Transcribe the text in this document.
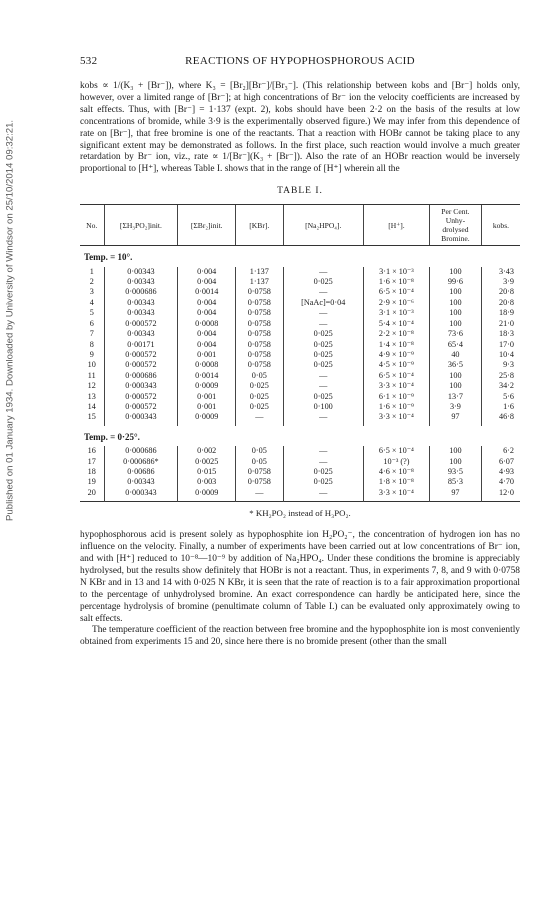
Published on 01 January 1934. Downloaded by University of Windsor on 25/10/2014 09:32:21.
532	REACTIONS OF HYPOPHOSPHOROUS ACID

kobs ∝ 1/(K₃ + [Br⁻]), where K₃ = [Br₂][Br⁻]/[Br₃⁻]. (This relationship between kobs and [Br⁻] holds only, however, over a limited range of [Br⁻]; at high concentrations of Br⁻ ion the velocity coefficients are increased by salt effects. Thus, with [Br⁻] = 1·137 (expt. 2), kobs should have been 2·2 on the basis of the results at low concentrations of bromide, while 3·9 is the experimentally observed figure.) We may infer from this dependence of rate on [Br⁻], that free bromine is one of the reactants. That a reaction with HOBr cannot be taking place to any significant extent may be demonstrated as follows. In the first place, such reaction would involve a much greater retardation by Br⁻ ion, viz., rate ∝ 1/[Br⁻](K₃ + [Br⁻]). Also the rate of an HOBr reaction would be inversely proportional to [H⁺], whereas Table I. shows that in the range of [H⁺] wherein all the

TABLE I.
No.	[ΣH₃PO₂]init.	[ΣBr₂]init.	[KBr].	[Na₂HPO₄].	[H⁺].	Per Cent. Unhy- drolysed Bromine.	kobs.
Temp. = 10°.							
1	0·00343	0·004	1·137	—	3·1 × 10⁻³	100	3·43
2	0·00343	0·004	1·137	0·025	1·6 × 10⁻⁸	99·6	3·9
3	0·000686	0·0014	0·0758	—	6·5 × 10⁻⁴	100	20·8
4	0·00343	0·004	0·0758	[NaAc]=0·04	2·9 × 10⁻⁶	100	20·8
5	0·00343	0·004	0·0758	—	3·1 × 10⁻³	100	18·9
6	0·000572	0·0008	0·0758	—	5·4 × 10⁻⁴	100	21·0
7	0·00343	0·004	0·0758	0·025	2·2 × 10⁻⁸	73·6	18·3
8	0·00171	0·004	0·0758	0·025	1·4 × 10⁻⁸	65·4	17·0
9	0·000572	0·001	0·0758	0·025	4·9 × 10⁻⁹	40	10·4
10	0·000572	0·0008	0·0758	0·025	4·5 × 10⁻⁹	36·5	9·3
11	0·000686	0·0014	0·05	—	6·5 × 10⁻⁴	100	25·8
12	0·000343	0·0009	0·025	—	3·3 × 10⁻⁴	100	34·2
13	0·000572	0·001	0·025	0·025	6·1 × 10⁻⁹	13·7	5·6
14	0·000572	0·001	0·025	0·100	1·6 × 10⁻⁹	3·9	1·6
15	0·000343	0·0009	—	—	3·3 × 10⁻⁴	97	46·8
Temp. = 0·25°.							
16	0·000686	0·002	0·05	—	6·5 × 10⁻⁴	100	6·2
17	0·000686*	0·0025	0·05	—	10⁻³ (?)	100	6·07
18	0·00686	0·015	0·0758	0·025	4·6 × 10⁻⁸	93·5	4·93
19	0·00343	0·003	0·0758	0·025	1·8 × 10⁻⁸	85·3	4·70
20	0·000343	0·0009	—	—	3·3 × 10⁻⁴	97	12·0

* KH₂PO₂ instead of H₃PO₂.

hypophosphorous acid is present solely as hypophosphite ion H₂PO₂⁻, the concentration of hydrogen ion has no influence on the velocity. Finally, a number of experiments have been carried out at low concentrations of Br⁻ ion, and with [H⁺] reduced to 10⁻⁸—10⁻⁹ by addition of Na₂HPO₄. Under these conditions the bromine is appreciably hydrolysed, but the results show definitely that HOBr is not a reactant. Thus, in experiments 7, 8, and 9 with 0·0758 N KBr and in 13 and 14 with 0·025 N KBr, it is seen that the rate of reaction is to a fair approximation proportional to the percentage of unhydrolysed bromine. An exact correspondence can hardly be anticipated here, since the percentage hydrolysis of bromine (penultimate column of Table I.) can be evaluated only approximately owing to salt effects.

The temperature coefficient of the reaction between free bromine and the hypophosphite ion is most conveniently obtained from experiments 15 and 20, since here there is no bromide present (other than the small
